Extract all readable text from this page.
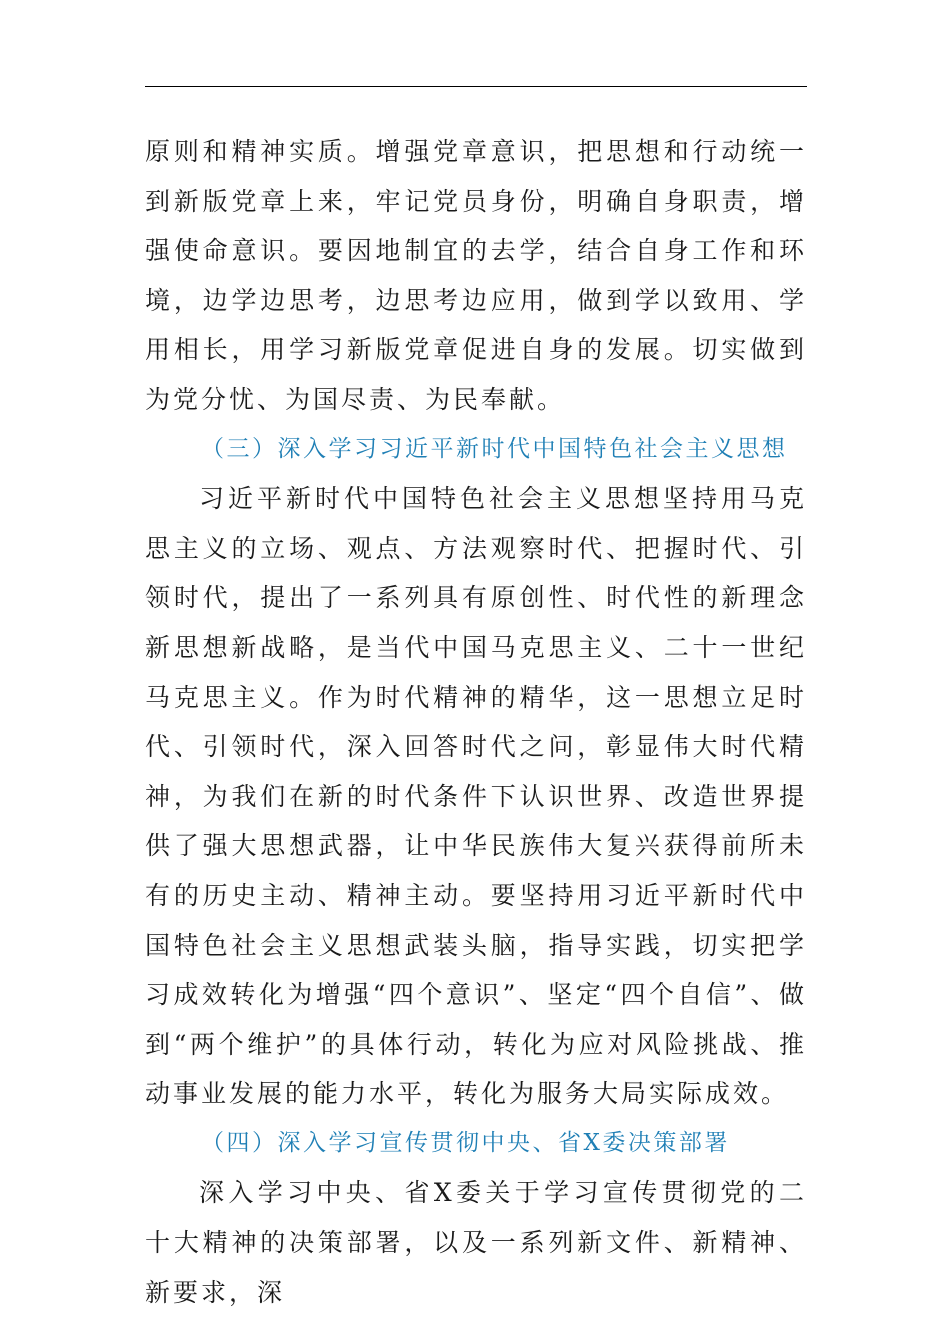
原则和精神实质。增强党章意识，把思想和行动统一到新版党章上来，牢记党员身份，明确自身职责，增强使命意识。要因地制宜的去学，结合自身工作和环境，边学边思考，边思考边应用，做到学以致用、学用相长，用学习新版党章促进自身的发展。切实做到为党分忧、为国尽责、为民奉献。

（三）深入学习习近平新时代中国特色社会主义思想

习近平新时代中国特色社会主义思想坚持用马克思主义的立场、观点、方法观察时代、把握时代、引领时代，提出了一系列具有原创性、时代性的新理念新思想新战略，是当代中国马克思主义、二十一世纪马克思主义。作为时代精神的精华，这一思想立足时代、引领时代，深入回答时代之问，彰显伟大时代精神，为我们在新的时代条件下认识世界、改造世界提供了强大思想武器，让中华民族伟大复兴获得前所未有的历史主动、精神主动。要坚持用习近平新时代中国特色社会主义思想武装头脑，指导实践，切实把学习成效转化为增强“四个意识”、坚定“四个自信”、做到“两个维护”的具体行动，转化为应对风险挑战、推动事业发展的能力水平，转化为服务大局实际成效。

（四）深入学习宣传贯彻中央、省X委决策部署

深入学习中央、省X委关于学习宣传贯彻党的二十大精神的决策部署，以及一系列新文件、新精神、新要求，深
